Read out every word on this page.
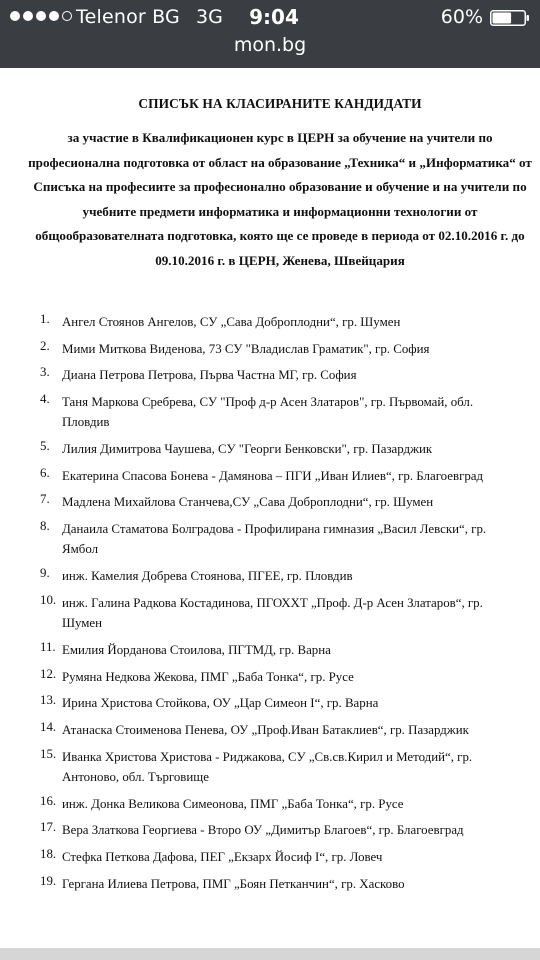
Telenor BG 3G 9:04	60%
mon.bg
СПИСЪК НА КЛАСИРАНИТЕ КАНДИДАТИ
за участие в Квалификационен курс в ЦЕРН за обучение на учители по
професионална подготовка от област на образование „Техника“ и „Информатика“ от
Списъка на професиите за професионално образование и обучение и на учители по
учебните предмети информатика и информационни технологии от
общообразователната подготовка, която ще се проведе в периода от 02.10.2016 г. до
09.10.2016 г. в ЦЕРН, Женева, Швейцария
1. Ангел Стоянов Ангелов, СУ „Сава Доброплодни“, гр. Шумен
2. Мими Миткова Виденова, 73 СУ "Владислав Граматик", гр. София
3. Диана Петрова Петрова, Първа Частна МГ, гр. София
4. Таня Маркова Сребрева, СУ "Проф д-р Асен Златаров", гр. Първомай, обл.
Пловдив
5. Лилия Димитрова Чаушева, СУ "Георги Бенковски", гр. Пазарджик
6. Екатерина Спасова Бонева - Дамянова – ПГИ „Иван Илиев“, гр. Благоевград
7. Мадлена Михайлова Станчева,СУ „Сава Доброплодни“, гр. Шумен
8. Данаила Стаматова Болградова - Профилирана гимназия „Васил Левски“, гр.
Ямбол
9. инж. Камелия Добрева Стоянова, ПГЕЕ, гр. Пловдив
10. инж. Галина Радкова Костадинова, ПГОХХТ „Проф. Д-р Асен Златаров“, гр.
Шумен
11. Емилия Йорданова Стоилова, ПГТМД, гр. Варна
12. Румяна Недкова Жекова, ПМГ „Баба Тонка“, гр. Русе
13. Ирина Христова Стойкова, ОУ „Цар Симеон I“, гр. Варна
14. Атанаска Стоименова Пенева, ОУ „Проф.Иван Батаклиев“, гр. Пазарджик
15. Иванка Христова Христова - Риджакова, СУ „Св.св.Кирил и Методий“, гр.
Антоново, обл. Търговище
16. инж. Донка Великова Симеонова, ПМГ „Баба Тонка“, гр. Русе
17. Вера Златкова Георгиева - Второ ОУ „Димитър Благоев“, гр. Благоевград
18. Стефка Петкова Дафова, ПЕГ „Екзарх Йосиф I“, гр. Ловеч
19. Гергана Илиева Петрова, ПМГ „Боян Петканчин“, гр. Хасково
